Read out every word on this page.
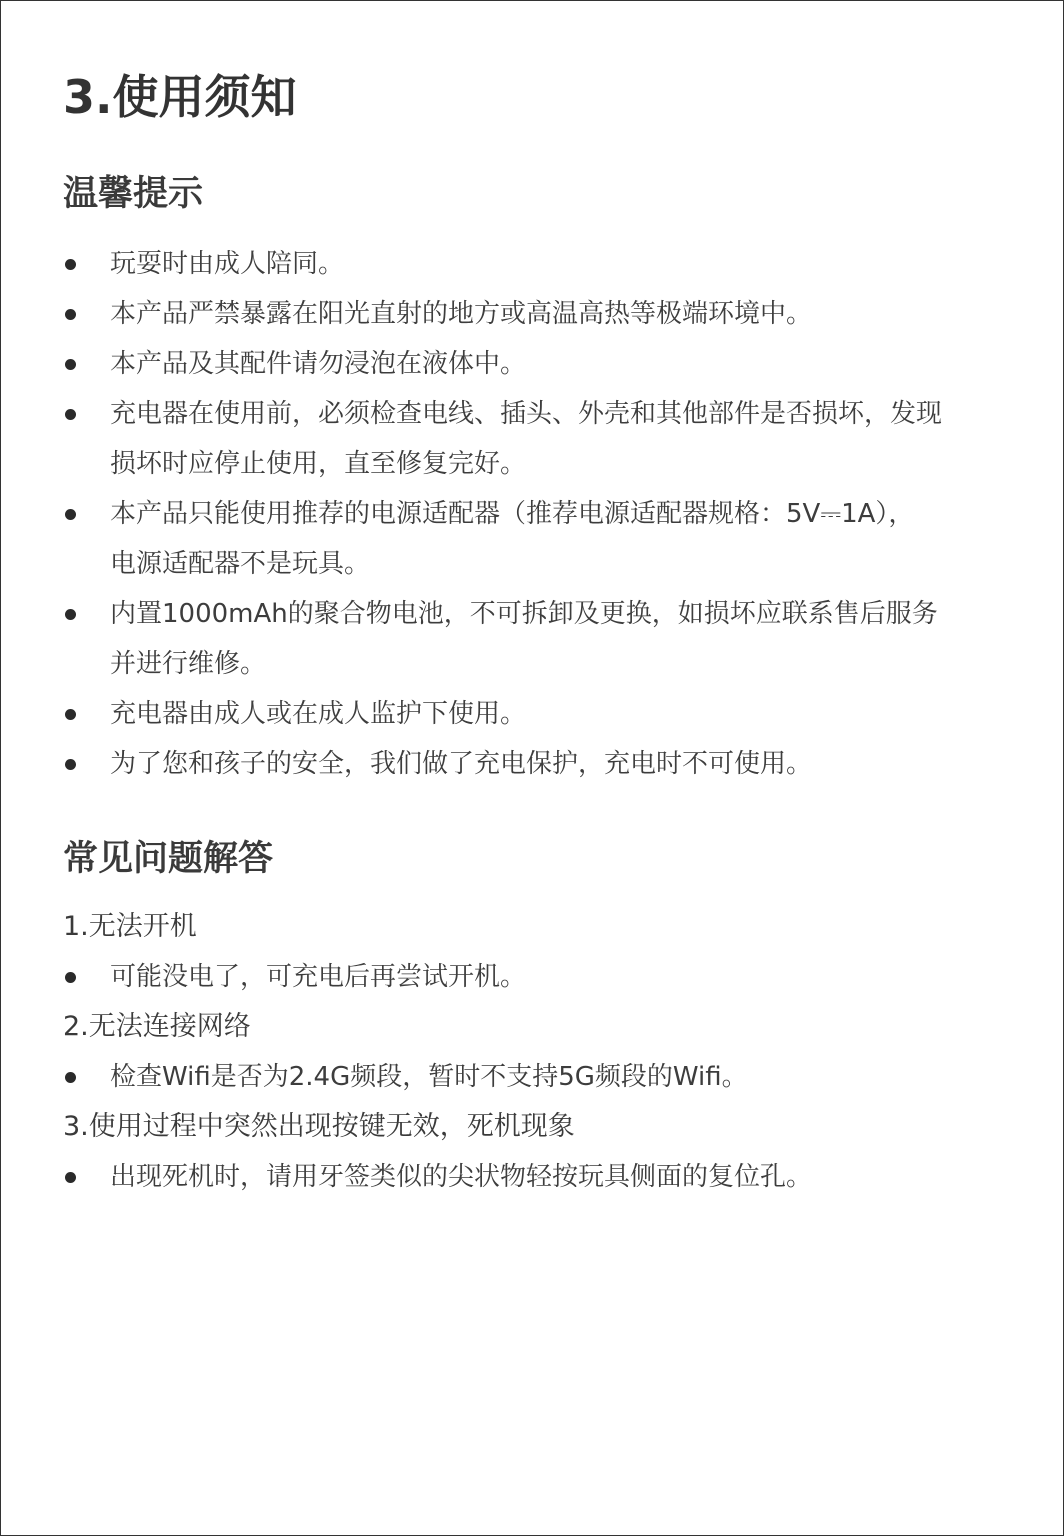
3.使用须知
温馨提示
玩耍时由成人陪同。
本产品严禁暴露在阳光直射的地方或高温高热等极端环境中。
本产品及其配件请勿浸泡在液体中。
充电器在使用前，必须检查电线、插头、外壳和其他部件是否损坏，发现
损坏时应停止使用，直至修复完好。
本产品只能使用推荐的电源适配器（推荐电源适配器规格：5V⎓1A），
电源适配器不是玩具。
内置1000mAh的聚合物电池，不可拆卸及更换，如损坏应联系售后服务
并进行维修。
充电器由成人或在成人监护下使用。
为了您和孩子的安全，我们做了充电保护，充电时不可使用。
常见问题解答
1.无法开机
可能没电了，可充电后再尝试开机。
2.无法连接网络
检查Wifi是否为2.4G频段，暂时不支持5G频段的Wifi。
3.使用过程中突然出现按键无效，死机现象
出现死机时，请用牙签类似的尖状物轻按玩具侧面的复位孔。
